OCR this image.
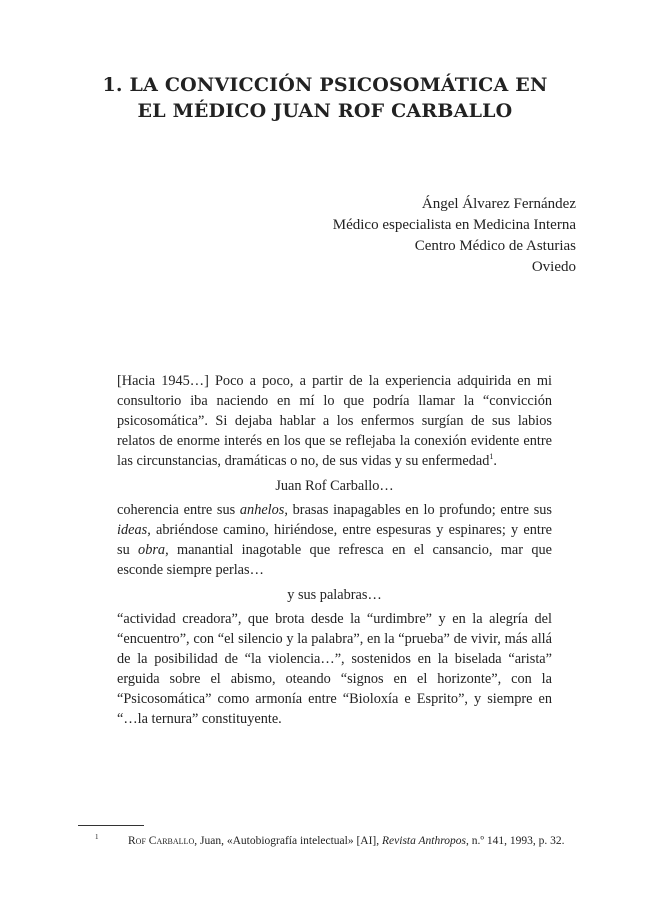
1. LA CONVICCIÓN PSICOSOMÁTICA EN
EL MÉDICO JUAN ROF CARBALLO
Ángel Álvarez Fernández
Médico especialista en Medicina Interna
Centro Médico de Asturias
Oviedo

[Hacia 1945…] Poco a poco, a partir de la experiencia adquirida en mi consultorio iba naciendo en mí lo que podría llamar la “convicción psicosomática”. Si dejaba hablar a los enfermos surgían de sus labios relatos de enorme interés en los que se reflejaba la conexión evidente entre las circunstancias, dramáticas o no, de sus vidas y su enfermedad$^1$.

Juan Rof Carballo…

coherencia entre sus anhelos, brasas inapagables en lo profundo; entre sus ideas, abriéndose camino, hiriéndose, entre espesuras y espinares; y entre su obra, manantial inagotable que refresca en el cansancio, mar que esconde siempre perlas…

y sus palabras…

“actividad creadora”, que brota desde la “urdimbre” y en la alegría del “encuentro”, con “el silencio y la palabra”, en la “prueba” de vivir, más allá de la posibilidad de “la violencia…”, sostenidos en la biselada “arista” erguida sobre el abismo, oteando “signos en el horizonte”, con la “Psicosomática” como armonía entre “Bioloxía e Esprito”, y siempre en “…la ternura” constituyente.

1	Rof Carballo, Juan, «Autobiografía intelectual» [AI], Revista Anthropos, n.º 141, 1993, p. 32.
